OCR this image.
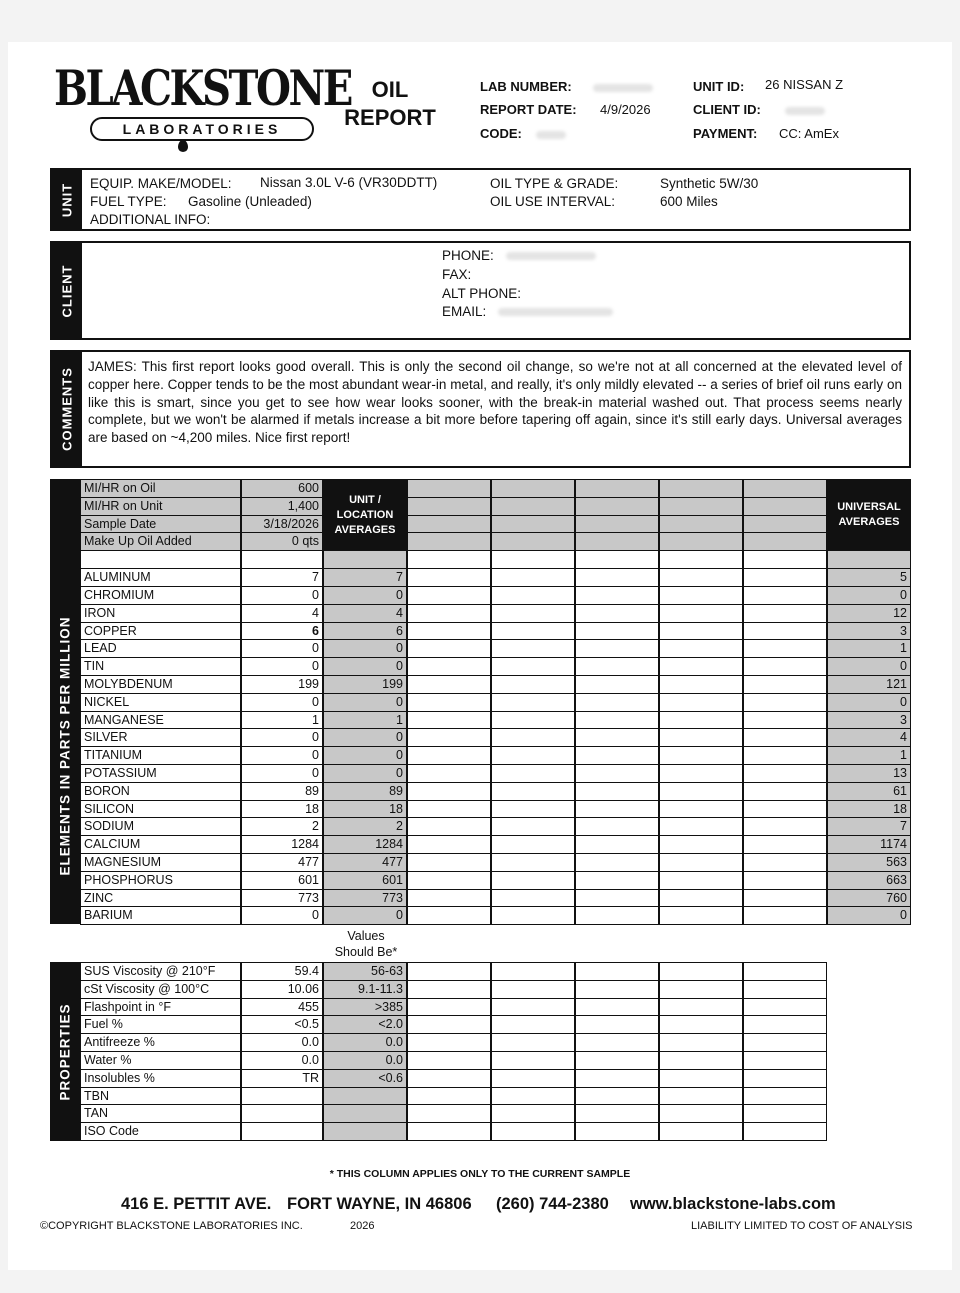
BLACKSTONE
LABORATORIES
OIL
REPORT
LAB NUMBER:
REPORT DATE: 4/9/2026
CODE:
UNIT ID: 26 NISSAN Z
CLIENT ID:
PAYMENT: CC: AmEx
UNIT EQUIP. MAKE/MODEL: Nissan 3.0L V-6 (VR30DDTT)
FUEL TYPE: Gasoline (Unleaded)
ADDITIONAL INFO:
OIL TYPE & GRADE:	Synthetic 5W/30
OIL USE INTERVAL:	600 Miles
CLIENT
PHONE:
FAX:
ALT PHONE:
EMAIL:
COMMENTS
JAMES: This first report looks good overall. This is only the second oil change, so we're not at all concerned at the elevated level of copper here. Copper tends to be the most abundant wear-in metal, and really, it's only mildly elevated -- a series of brief oil runs early on like this is smart, since you get to see how wear looks sooner, with the break-in material washed out. That process seems nearly complete, but we won't be alarmed if metals increase a bit more before tapering off again, since it's still early days. Universal averages are based on ~4,200 miles. Nice first report!
ELEMENTS IN PARTS PER MILLION
MI/HR on Oil	600
MI/HR on Unit	1,400
Sample Date	3/18/2026
Make Up Oil Added	0 qts
UNIT /
LOCATION
AVERAGES
UNIVERSAL
AVERAGES
ALUMINUM	7	7	5
CHROMIUM	0	0	0
IRON	4	4	12
COPPER	6	6	3
LEAD	0	0	1
TIN	0	0	0
MOLYBDENUM	199	199	121
NICKEL	0	0	0
MANGANESE	1	1	3
SILVER	0	0	4
TITANIUM	0	0	1
POTASSIUM	0	0	13
BORON	89	89	61
SILICON	18	18	18
SODIUM	2	2	7
CALCIUM	1284	1284	1174
MAGNESIUM	477	477	563
PHOSPHORUS	601	601	663
ZINC	773	773	760
BARIUM	0	0	0
Values
Should Be*
PROPERTIES
SUS Viscosity @ 210°F	59.4	56-63
cSt Viscosity @ 100°C	10.06	9.1-11.3
Flashpoint in °F	455	>385
Fuel %	<0.5	<2.0
Antifreeze %	0.0	0.0
Water %	0.0	0.0
Insolubles %	TR	<0.6
TBN
TAN
ISO Code
* THIS COLUMN APPLIES ONLY TO THE CURRENT SAMPLE
416 E. PETTIT AVE. FORT WAYNE, IN 46806 (260) 744-2380 www.blackstone-labs.com
©COPYRIGHT BLACKSTONE LABORATORIES INC.	2026	LIABILITY LIMITED TO COST OF ANALYSIS
